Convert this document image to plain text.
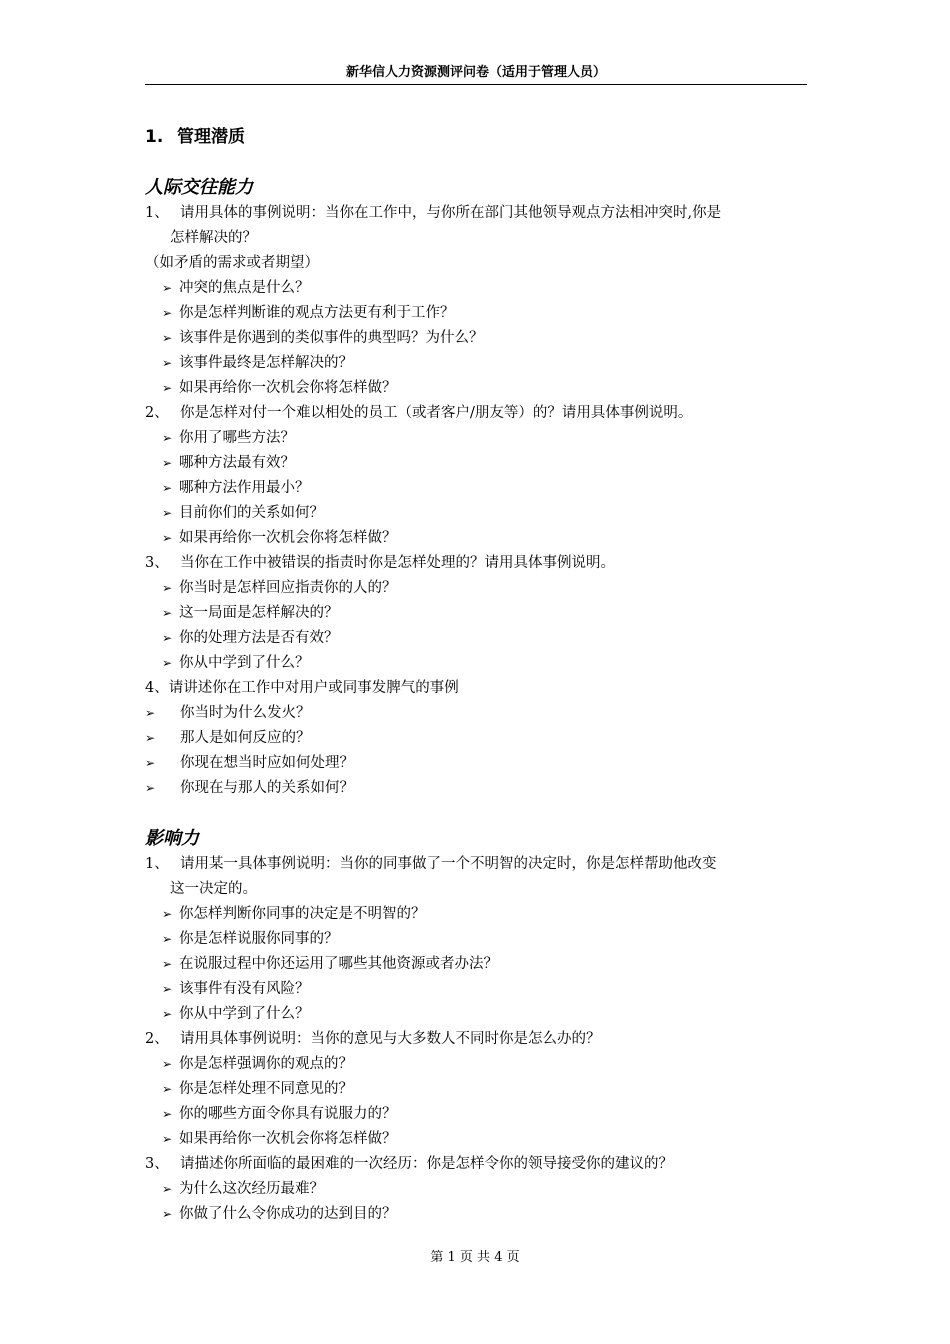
新华信人力资源测评问卷（适用于管理人员）
1. 管理潜质
人际交往能力
1、 请用具体的事例说明：当你在工作中，与你所在部门其他领导观点方法相冲突时,你是
怎样解决的？
（如矛盾的需求或者期望）
➢ 冲突的焦点是什么？
➢ 你是怎样判断谁的观点方法更有利于工作？
➢ 该事件是你遇到的类似事件的典型吗？为什么？
➢ 该事件最终是怎样解决的？
➢ 如果再给你一次机会你将怎样做？
2、 你是怎样对付一个难以相处的员工（或者客户/朋友等）的？请用具体事例说明。
➢ 你用了哪些方法？
➢ 哪种方法最有效？
➢ 哪种方法作用最小？
➢ 目前你们的关系如何？
➢ 如果再给你一次机会你将怎样做？
3、 当你在工作中被错误的指责时你是怎样处理的？请用具体事例说明。
➢ 你当时是怎样回应指责你的人的？
➢ 这一局面是怎样解决的？
➢ 你的处理方法是否有效？
➢ 你从中学到了什么？
4、请讲述你在工作中对用户或同事发脾气的事例
➢ 你当时为什么发火？
➢ 那人是如何反应的？
➢ 你现在想当时应如何处理？
➢ 你现在与那人的关系如何？
影响力
1、 请用某一具体事例说明：当你的同事做了一个不明智的决定时，你是怎样帮助他改变
这一决定的。
➢ 你怎样判断你同事的决定是不明智的？
➢ 你是怎样说服你同事的？
➢ 在说服过程中你还运用了哪些其他资源或者办法？
➢ 该事件有没有风险？
➢ 你从中学到了什么？
2、 请用具体事例说明：当你的意见与大多数人不同时你是怎么办的？
➢ 你是怎样强调你的观点的？
➢ 你是怎样处理不同意见的？
➢ 你的哪些方面令你具有说服力的？
➢ 如果再给你一次机会你将怎样做？
3、 请描述你所面临的最困难的一次经历：你是怎样令你的领导接受你的建议的？
➢ 为什么这次经历最难？
➢ 你做了什么令你成功的达到目的？
第 1 页 共 4 页
